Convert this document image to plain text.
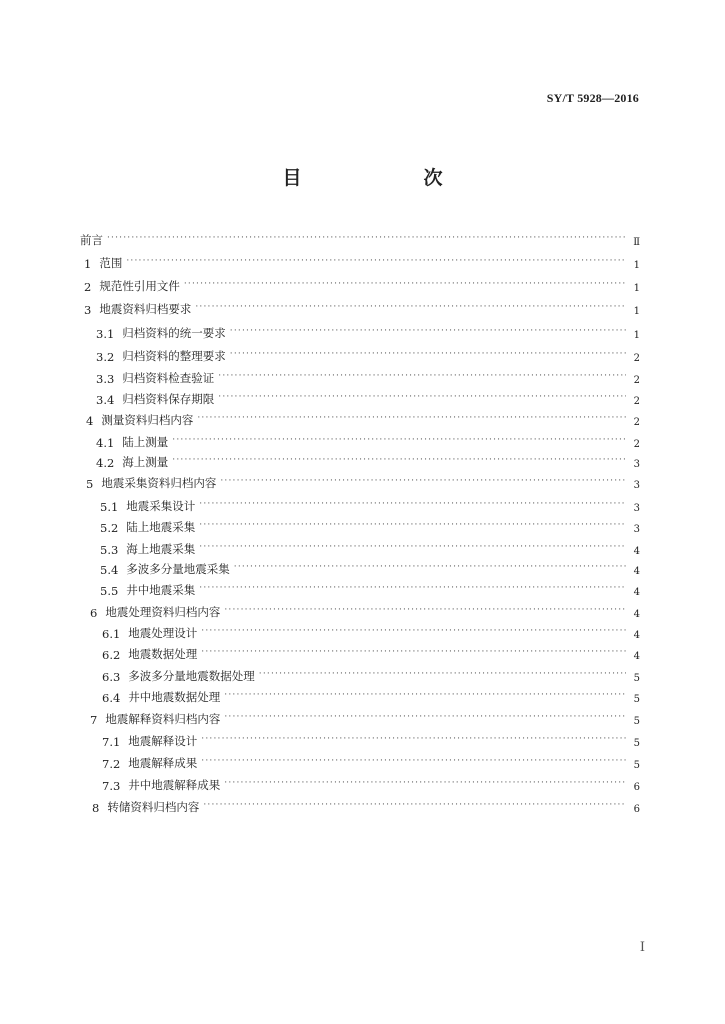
SY/T 5928—2016
目　　次
前言 ·····	Ⅱ
1 范围 ·····	1
2 规范性引用文件 ·····	1
3 地震资料归档要求 ·····	1
3.1 归档资料的统一要求 ·····	1
3.2 归档资料的整理要求 ·····	2
3.3 归档资料检查验证 ·····	2
3.4 归档资料保存期限 ·····	2
4 测量资料归档内容 ·····	2
4.1 陆上测量 ·····	2
4.2 海上测量 ·····	3
5 地震采集资料归档内容 ·····	3
5.1 地震采集设计 ·····	3
5.2 陆上地震采集 ·····	3
5.3 海上地震采集 ·····	4
5.4 多波多分量地震采集 ·····	4
5.5 井中地震采集 ·····	4
6 地震处理资料归档内容 ·····	4
6.1 地震处理设计 ·····	4
6.2 地震数据处理 ·····	4
6.3 多波多分量地震数据处理 ·····	5
6.4 井中地震数据处理 ·····	5
7 地震解释资料归档内容 ·····	5
7.1 地震解释设计 ·····	5
7.2 地震解释成果 ·····	5
7.3 井中地震解释成果 ·····	6
8 转储资料归档内容 ·····	6
I
